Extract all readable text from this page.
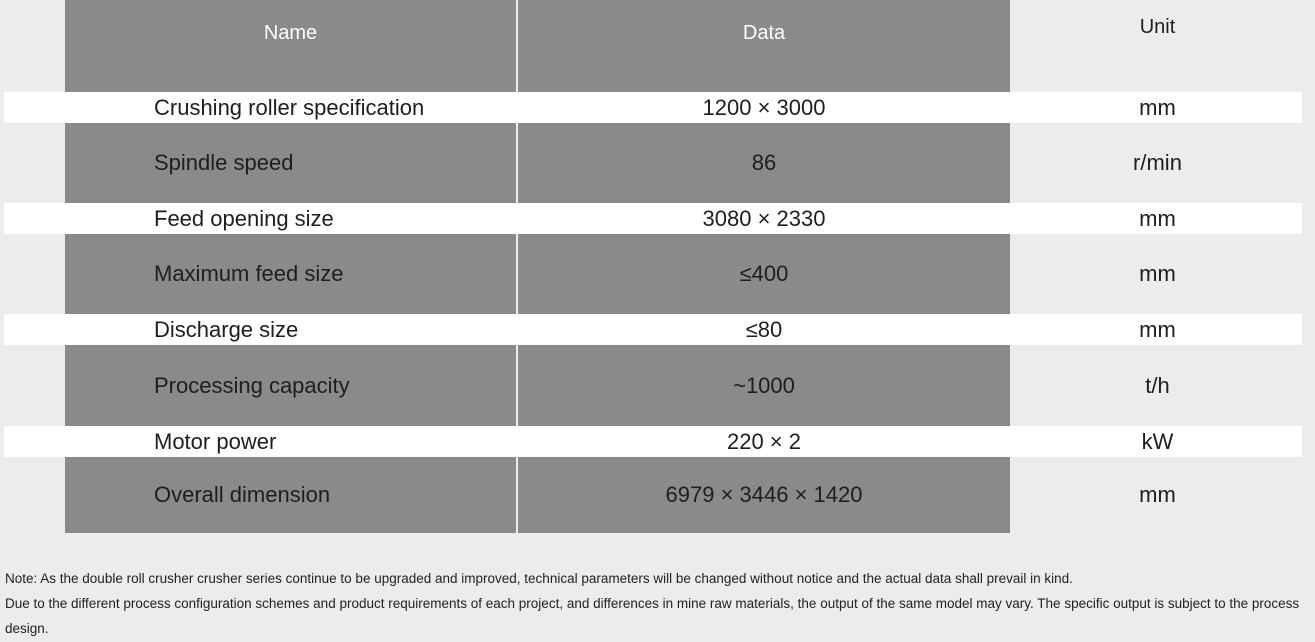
Name	Data	Unit
Crushing roller specification	1200 × 3000	mm
Spindle speed	86	r/min
Feed opening size	3080 × 2330	mm
Maximum feed size	≤400	mm
Discharge size	≤80	mm
Processing capacity	~1000	t/h
Motor power	220 × 2	kW
Overall dimension	6979 × 3446 × 1420	mm

Note: As the double roll crusher crusher series continue to be upgraded and improved, technical parameters will be changed without notice and the actual data shall prevail in kind.

Due to the different process configuration schemes and product requirements of each project, and differences in mine raw materials, the output of the same model may vary. The specific output is subject to the process design.
